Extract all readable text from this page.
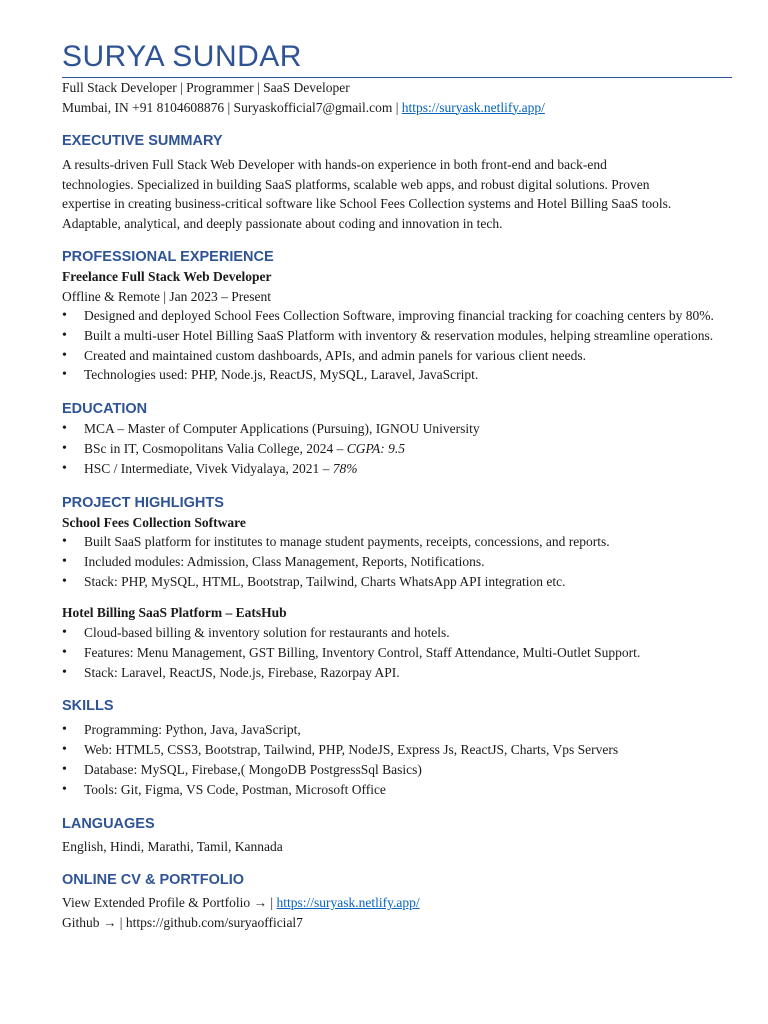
SURYA SUNDAR
Full Stack Developer | Programmer | SaaS Developer
Mumbai, IN +91 8104608876 | Suryaskofficial7@gmail.com | https://suryask.netlify.app/
EXECUTIVE SUMMARY
A results-driven Full Stack Web Developer with hands-on experience in both front-end and back-end
technologies. Specialized in building SaaS platforms, scalable web apps, and robust digital solutions. Proven
expertise in creating business-critical software like School Fees Collection systems and Hotel Billing SaaS tools.
Adaptable, analytical, and deeply passionate about coding and innovation in tech.
PROFESSIONAL EXPERIENCE
Freelance Full Stack Web Developer
Offline & Remote | Jan 2023 – Present
• Designed and deployed School Fees Collection Software, improving financial tracking for coaching centers by 80%.
• Built a multi-user Hotel Billing SaaS Platform with inventory & reservation modules, helping streamline operations.
• Created and maintained custom dashboards, APIs, and admin panels for various client needs.
• Technologies used: PHP, Node.js, ReactJS, MySQL, Laravel, JavaScript.
EDUCATION
• MCA – Master of Computer Applications (Pursuing), IGNOU University
• BSc in IT, Cosmopolitans Valia College, 2024 – CGPA: 9.5
• HSC / Intermediate, Vivek Vidyalaya, 2021 – 78%
PROJECT HIGHLIGHTS
School Fees Collection Software
• Built SaaS platform for institutes to manage student payments, receipts, concessions, and reports.
• Included modules: Admission, Class Management, Reports, Notifications.
• Stack: PHP, MySQL, HTML, Bootstrap, Tailwind, Charts WhatsApp API integration etc.
Hotel Billing SaaS Platform – EatsHub
• Cloud-based billing & inventory solution for restaurants and hotels.
• Features: Menu Management, GST Billing, Inventory Control, Staff Attendance, Multi-Outlet Support.
• Stack: Laravel, ReactJS, Node.js, Firebase, Razorpay API.
SKILLS
• Programming: Python, Java, JavaScript,
• Web: HTML5, CSS3, Bootstrap, Tailwind, PHP, NodeJS, Express Js, ReactJS, Charts, Vps Servers
• Database: MySQL, Firebase,( MongoDB PostgressSql Basics)
• Tools: Git, Figma, VS Code, Postman, Microsoft Office
LANGUAGES
English, Hindi, Marathi, Tamil, Kannada
ONLINE CV & PORTFOLIO
View Extended Profile & Portfolio → | https://suryask.netlify.app/
Github → | https://github.com/suryaofficial7
